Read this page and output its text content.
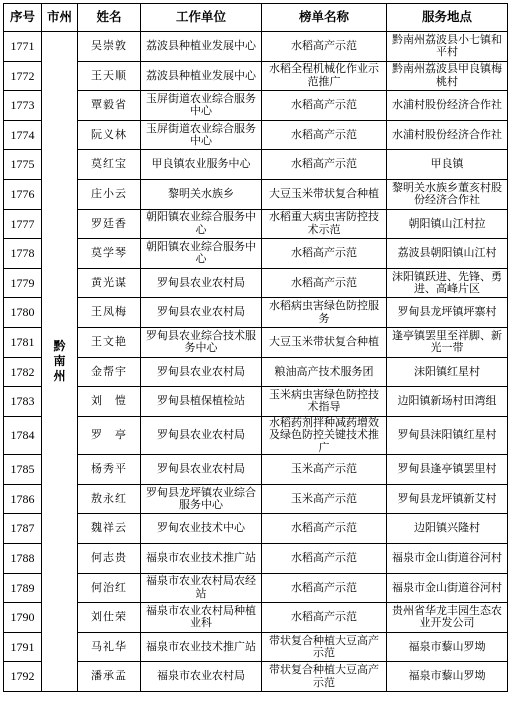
序号	市州	姓名	工作单位	榜单名称	服务地点
1771	黔南州	吴崇敦	荔波县种植业发展中心	水稻高产示范	黔南州荔波县小七镇和平村
1772		王天顺	荔波县种植业发展中心	水稻全程机械化作业示范推广	黔南州荔波县甲良镇梅桃村
1773		覃毅省	玉屏街道农业综合服务中心	水稻高产示范	水浦村股份经济合作社
1774		阮义林	玉屏街道农业综合服务中心	水稻高产示范	水浦村股份经济合作社
1775		莫红宝	甲良镇农业服务中心	水稻高产示范	甲良镇
1776		庄小云	黎明关水族乡	大豆玉米带状复合种植	黎明关水族乡董亥村股份经济合作社
1777		罗廷香	朝阳镇农业综合服务中心	水稻重大病虫害防控技术示范	朝阳镇山江村拉
1778		莫学琴	朝阳镇农业综合服务中心	水稻高产示范	荔波县朝阳镇山江村
1779		黄光谋	罗甸县农业农村局	水稻高产示范	沫阳镇跃进、先锋、勇进、高峰片区
1780		王凤梅	罗甸县农业农村局	水稻病虫害绿色防控服务	罗甸县龙坪镇坪寨村
1781		王文艳	罗甸县农业综合技术服务中心	大豆玉米带状复合种植	逢亭镇罢里至祥脚、新光一带
1782		金帮宇	罗甸县农业农村局	粮油高产技术服务团	沫阳镇红星村
1783		刘　愷	罗甸县植保植检站	玉米病虫害绿色防控技术指导	边阳镇新场村田湾组
1784		罗　亭	罗甸县农业农村局	水稻药剂拌种减药增效及绿色防控关键技术推广	罗甸县沫阳镇红星村
1785		杨秀平	罗甸县农业农村局	玉米高产示范	罗甸县逢亭镇罢里村
1786		敖永红	罗甸县龙坪镇农业综合服务中心	玉米高产示范	罗甸县龙坪镇新艾村
1787		魏祥云	罗甸农业技术中心	水稻高产示范	边阳镇兴隆村
1788		何志贵	福泉市农业技术推广站	水稻高产示范	福泉市金山街道谷河村
1789		何治红	福泉市农业农村局农经站	水稻高产示范	福泉市金山街道谷河村
1790		刘仕荣	福泉市农业农村局种植业科	水稻高产示范	贵州省华龙丰园生态农业开发公司
1791		马礼华	福泉市农业技术推广站	带状复合种植大豆高产示范	福泉市藜山罗坳
1792		潘承孟	福泉市农业农村局	带状复合种植大豆高产示范	福泉市藜山罗坳
